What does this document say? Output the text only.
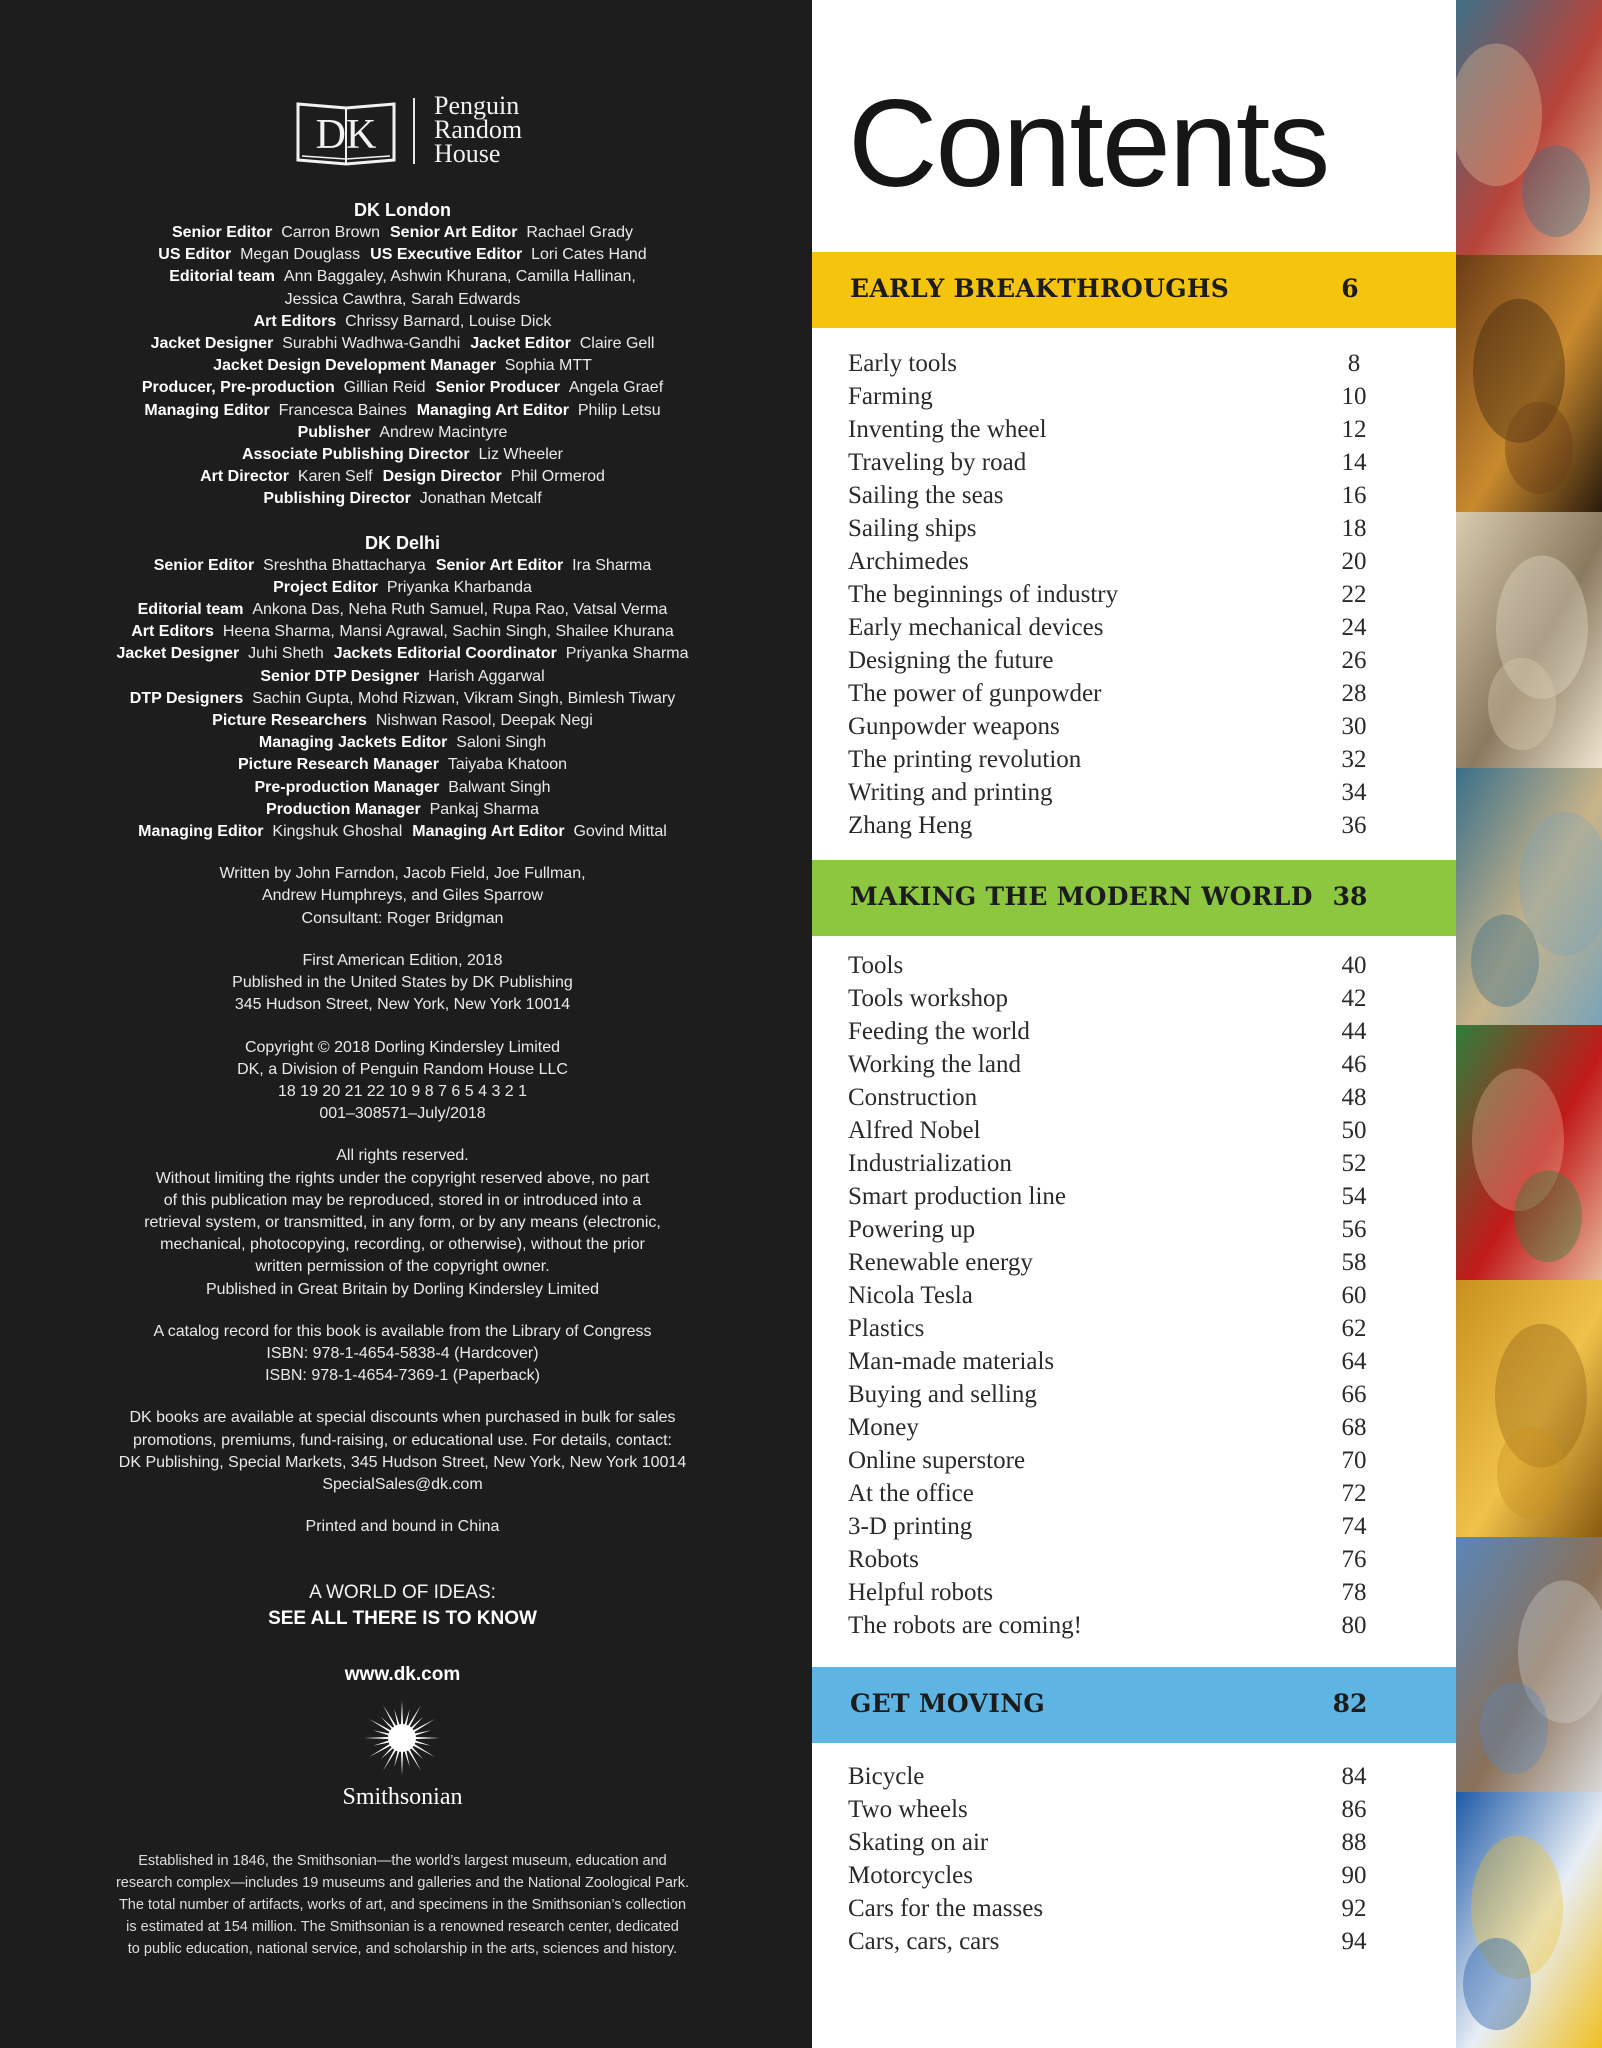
DK
Penguin
Random
House
DK London
Senior Editor Carron Brown Senior Art Editor Rachael Grady
US Editor Megan Douglass US Executive Editor Lori Cates Hand
Editorial team Ann Baggaley, Ashwin Khurana, Camilla Hallinan,
Jessica Cawthra, Sarah Edwards
Art Editors Chrissy Barnard, Louise Dick
Jacket Designer Surabhi Wadhwa-Gandhi Jacket Editor Claire Gell
Jacket Design Development Manager Sophia MTT
Producer, Pre-production Gillian Reid Senior Producer Angela Graef
Managing Editor Francesca Baines Managing Art Editor Philip Letsu
Publisher Andrew Macintyre
Associate Publishing Director Liz Wheeler
Art Director Karen Self Design Director Phil Ormerod
Publishing Director Jonathan Metcalf
DK Delhi
Senior Editor Sreshtha Bhattacharya Senior Art Editor Ira Sharma
Project Editor Priyanka Kharbanda
Editorial team Ankona Das, Neha Ruth Samuel, Rupa Rao, Vatsal Verma
Art Editors Heena Sharma, Mansi Agrawal, Sachin Singh, Shailee Khurana
Jacket Designer Juhi Sheth Jackets Editorial Coordinator Priyanka Sharma
Senior DTP Designer Harish Aggarwal
DTP Designers Sachin Gupta, Mohd Rizwan, Vikram Singh, Bimlesh Tiwary
Picture Researchers Nishwan Rasool, Deepak Negi
Managing Jackets Editor Saloni Singh
Picture Research Manager Taiyaba Khatoon
Pre-production Manager Balwant Singh
Production Manager Pankaj Sharma
Managing Editor Kingshuk Ghoshal Managing Art Editor Govind Mittal
Written by John Farndon, Jacob Field, Joe Fullman,
Andrew Humphreys, and Giles Sparrow
Consultant: Roger Bridgman
First American Edition, 2018
Published in the United States by DK Publishing
345 Hudson Street, New York, New York 10014
Copyright © 2018 Dorling Kindersley Limited
DK, a Division of Penguin Random House LLC
18 19 20 21 22 10 9 8 7 6 5 4 3 2 1
001–308571–July/2018
All rights reserved.
Without limiting the rights under the copyright reserved above, no part
of this publication may be reproduced, stored in or introduced into a
retrieval system, or transmitted, in any form, or by any means (electronic,
mechanical, photocopying, recording, or otherwise), without the prior
written permission of the copyright owner.
Published in Great Britain by Dorling Kindersley Limited
A catalog record for this book is available from the Library of Congress
ISBN: 978-1-4654-5838-4 (Hardcover)
ISBN: 978-1-4654-7369-1 (Paperback)
DK books are available at special discounts when purchased in bulk for sales
promotions, premiums, fund-raising, or educational use. For details, contact:
DK Publishing, Special Markets, 345 Hudson Street, New York, New York 10014
SpecialSales@dk.com
Printed and bound in China
A WORLD OF IDEAS:
SEE ALL THERE IS TO KNOW
www.dk.com
Smithsonian
Established in 1846, the Smithsonian—the world’s largest museum, education and
research complex—includes 19 museums and galleries and the National Zoological Park.
The total number of artifacts, works of art, and specimens in the Smithsonian’s collection
is estimated at 154 million. The Smithsonian is a renowned research center, dedicated
to public education, national service, and scholarship in the arts, sciences and history.
Contents
EARLY BREAKTHROUGHS	6
Early tools	8
Farming	10
Inventing the wheel	12
Traveling by road	14
Sailing the seas	16
Sailing ships	18
Archimedes	20
The beginnings of industry	22
Early mechanical devices	24
Designing the future	26
The power of gunpowder	28
Gunpowder weapons	30
The printing revolution	32
Writing and printing	34
Zhang Heng	36
MAKING THE MODERN WORLD 38
Tools	40
Tools workshop	42
Feeding the world	44
Working the land	46
Construction	48
Alfred Nobel	50
Industrialization	52
Smart production line	54
Powering up	56
Renewable energy	58
Nicola Tesla	60
Plastics	62
Man-made materials	64
Buying and selling	66
Money	68
Online superstore	70
At the office	72
3-D printing	74
Robots	76
Helpful robots	78
The robots are coming!	80
GET MOVING	82
Bicycle	84
Two wheels	86
Skating on air	88
Motorcycles	90
Cars for the masses	92
Cars, cars, cars	94
